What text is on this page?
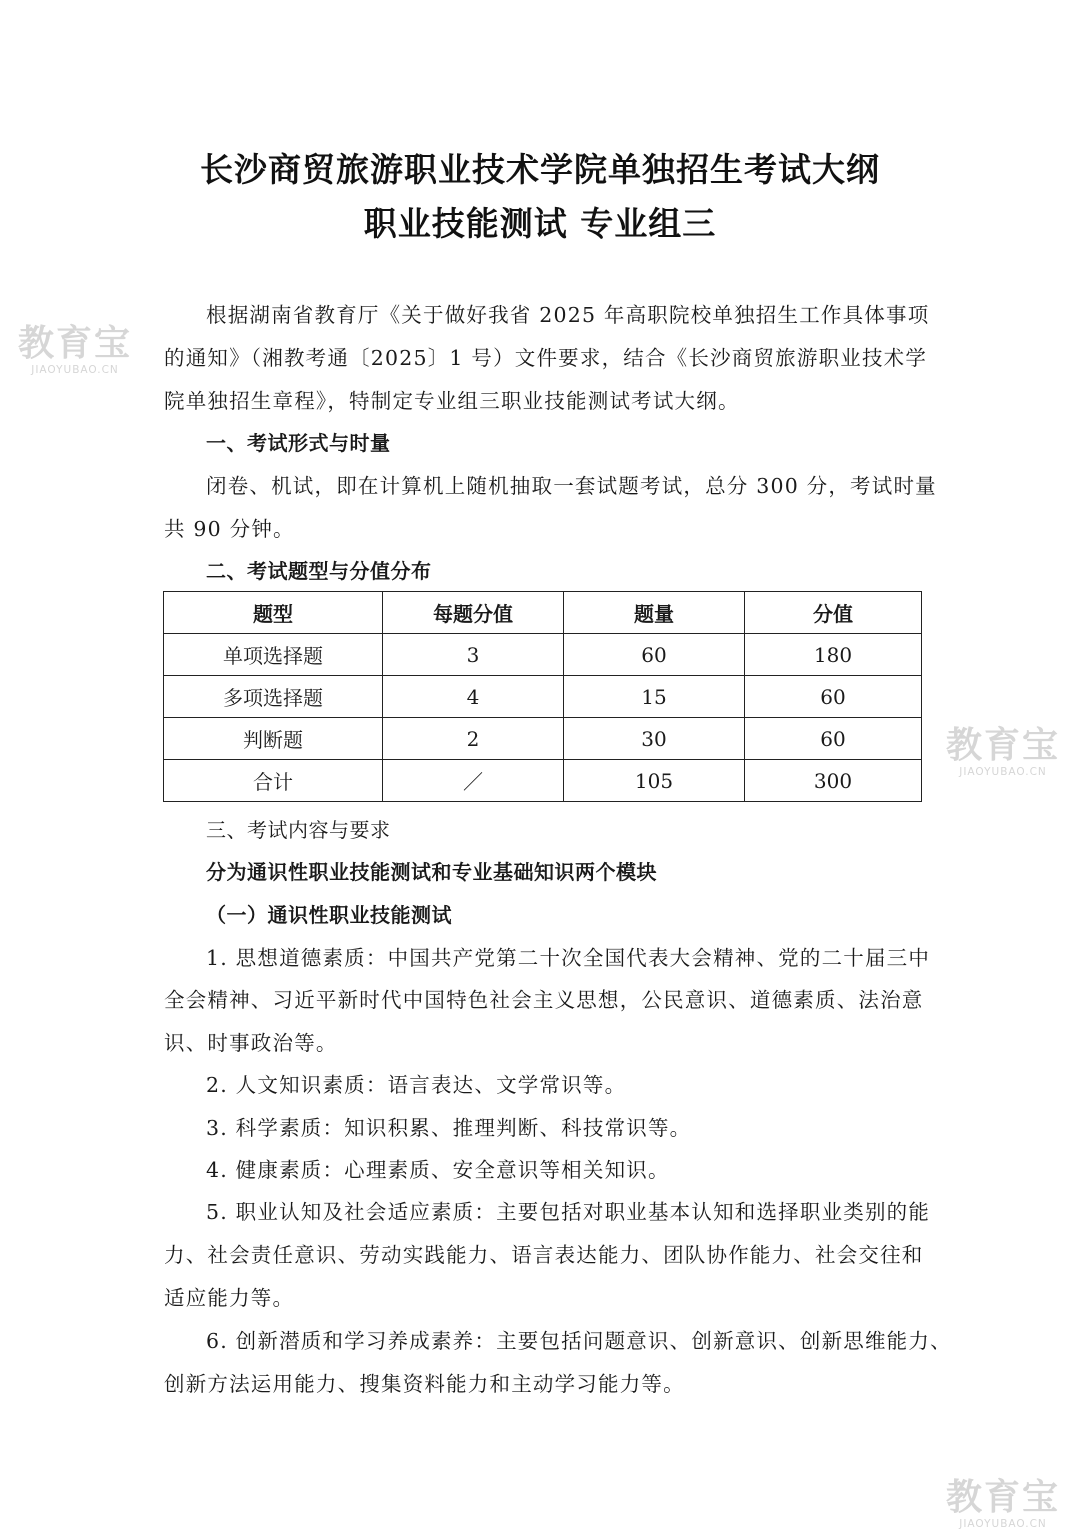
教育宝
JIAOYUBAO.CN
教育宝
JIAOYUBAO.CN
教育宝
JIAOYUBAO.CN
长沙商贸旅游职业技术学院单独招生考试大纲
职业技能测试 专业组三
根据湖南省教育厅《关于做好我省 2025 年高职院校单独招生工作具体事项
的通知》（湘教考通〔2025〕1 号）文件要求，结合《长沙商贸旅游职业技术学
院单独招生章程》，特制定专业组三职业技能测试考试大纲。
一、考试形式与时量
闭卷、机试，即在计算机上随机抽取一套试题考试，总分 300 分，考试时量
共 90 分钟。
二、考试题型与分值分布
题型	每题分值	题量	分值
单项选择题	3	60	180
多项选择题	4	15	60
判断题	2	30	60
合计	／	105	300
三、考试内容与要求
分为通识性职业技能测试和专业基础知识两个模块
（一）通识性职业技能测试
1. 思想道德素质：中国共产党第二十次全国代表大会精神、党的二十届三中
全会精神、习近平新时代中国特色社会主义思想，公民意识、道德素质、法治意
识、时事政治等。
2. 人文知识素质：语言表达、文学常识等。
3. 科学素质：知识积累、推理判断、科技常识等。
4. 健康素质：心理素质、安全意识等相关知识。
5. 职业认知及社会适应素质：主要包括对职业基本认知和选择职业类别的能
力、社会责任意识、劳动实践能力、语言表达能力、团队协作能力、社会交往和
适应能力等。
6. 创新潜质和学习养成素养：主要包括问题意识、创新意识、创新思维能力、
创新方法运用能力、搜集资料能力和主动学习能力等。
